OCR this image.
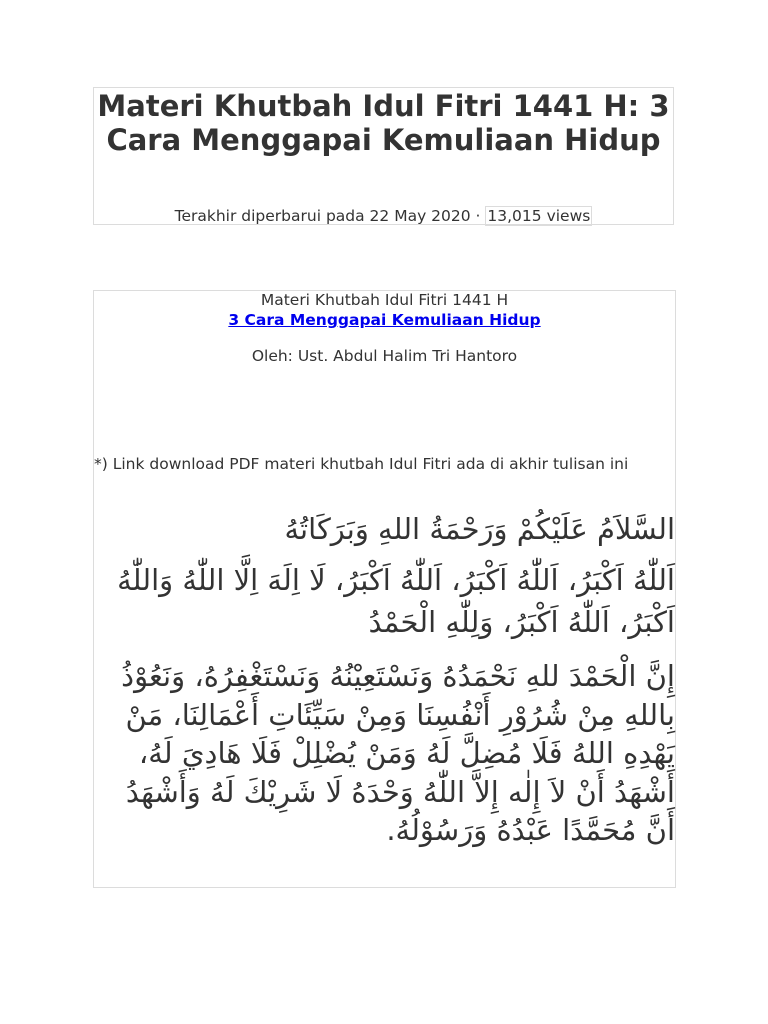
Materi Khutbah Idul Fitri 1441 H: 3 Cara Menggapai Kemuliaan Hidup
Terakhir diperbarui pada 22 May 2020 · 13,015 views
Materi Khutbah Idul Fitri 1441 H
3 Cara Menggapai Kemuliaan Hidup
Oleh: Ust. Abdul Halim Tri Hantoro
*) Link download PDF materi khutbah Idul Fitri ada di akhir tulisan ini
السَّلاَمُ عَلَيْكُمْ وَرَحْمَةُ اللهِ وَبَرَكَاتُهُ
اَللّٰهُ اَكْبَرُ، اَللّٰهُ اَكْبَرُ، اَللّٰهُ اَكْبَرُ، لَا اِلَهَ اِلَّا اللّٰهُ وَاللّٰهُ اَكْبَرُ، اَللّٰهُ اَكْبَرُ، وَلِلّٰهِ الْحَمْدُ
إِنَّ الْحَمْدَ للهِ نَحْمَدُهُ وَنَسْتَعِيْنُهُ وَنَسْتَغْفِرُهُ، وَنَعُوْذُ بِاللهِ مِنْ شُرُوْرِ أَنْفُسِنَا وَمِنْ سَيِّئَاتِ أَعْمَالِنَا، مَنْ يَهْدِهِ اللهُ فَلَا مُضِلَّ لَهُ وَمَنْ يُضْلِلْ فَلَا هَادِيَ لَهُ، أَشْهَدُ أَنْ لاَ إِلٰه إِلاَّ اللّٰهُ وَحْدَهُ لَا شَرِيْكَ لَهُ وَأَشْهَدُ أَنَّ مُحَمَّدًا عَبْدُهُ وَرَسُوْلُهُ.
